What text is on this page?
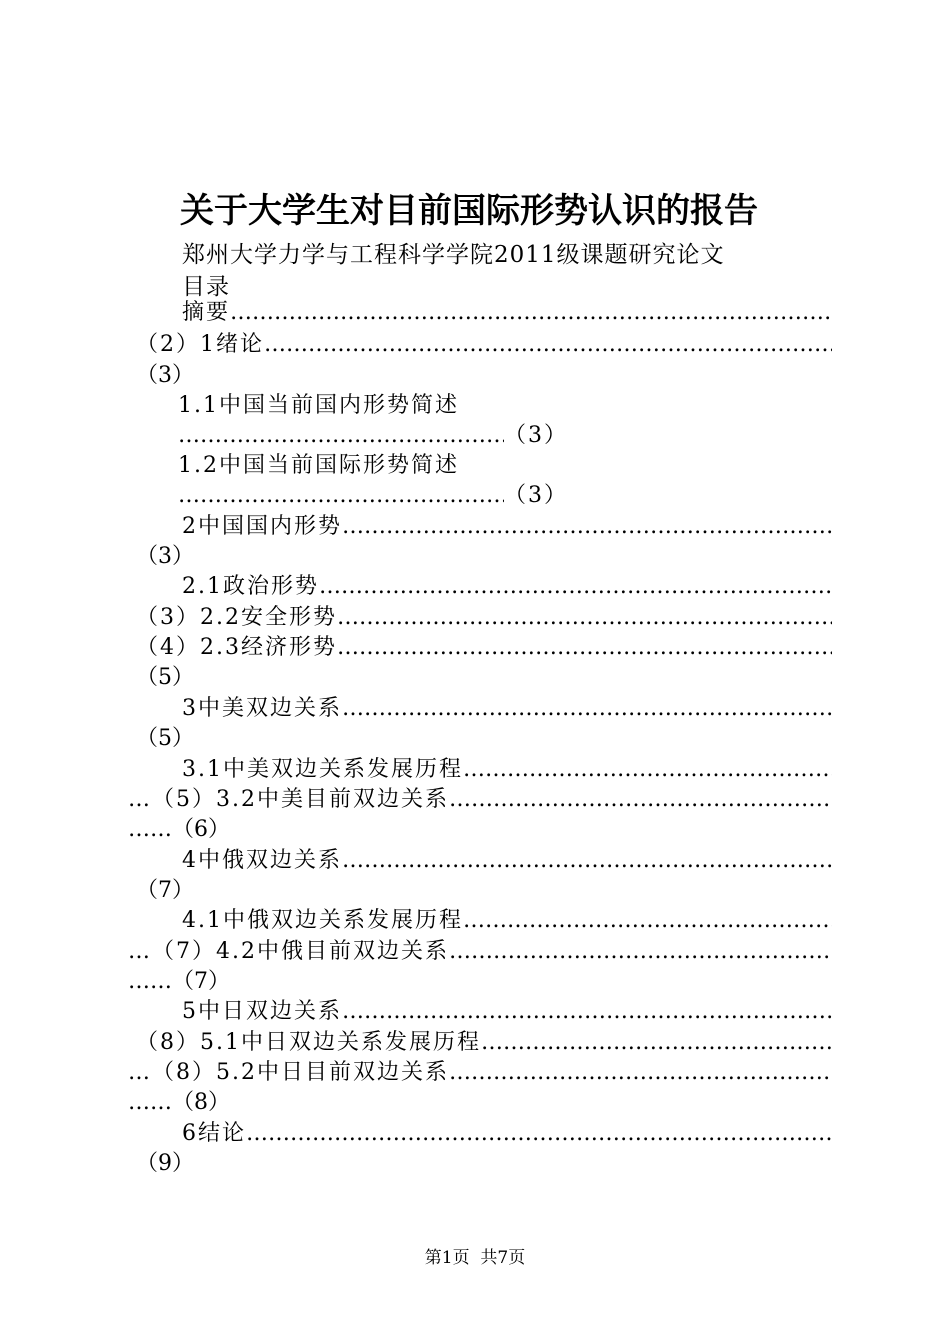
关于大学生对目前国际形势认识的报告
郑州大学力学与工程科学学院2011级课题研究论文
目录
摘要
…………………………………………………………………………………………………………………………………………………………
（2） 1绪论
…………………………………………………………………………………………………………………………………………………………
（3）
1.1中国当前国内形势简述
…………………………………………………………………………………………………………………………………………………………
（3）
1.2中国当前国际形势简述
…………………………………………………………………………………………………………………………………………………………
（3）
2中国国内形势
…………………………………………………………………………………………………………………………………………………………
（3）
2.1政治形势
…………………………………………………………………………………………………………………………………………………………
（3） 2.2安全形势
…………………………………………………………………………………………………………………………………………………………
（4） 2.3经济形势
…………………………………………………………………………………………………………………………………………………………
（5）
3中美双边关系
…………………………………………………………………………………………………………………………………………………………
（5）
3.1中美双边关系发展历程
…………………………………………………………………………………………………………………………………………………………
…（5） 3.2中美目前双边关系
…………………………………………………………………………………………………………………………………………………………
……（6）
4中俄双边关系
…………………………………………………………………………………………………………………………………………………………
（7）
4.1中俄双边关系发展历程
…………………………………………………………………………………………………………………………………………………………
…（7） 4.2中俄目前双边关系
…………………………………………………………………………………………………………………………………………………………
……（7）
5中日双边关系
…………………………………………………………………………………………………………………………………………………………
（8） 5.1中日双边关系发展历程
…………………………………………………………………………………………………………………………………………………………
…（8） 5.2中日目前双边关系
…………………………………………………………………………………………………………………………………………………………
……（8）
6结论
…………………………………………………………………………………………………………………………………………………………
（9）
第1页  共7页
